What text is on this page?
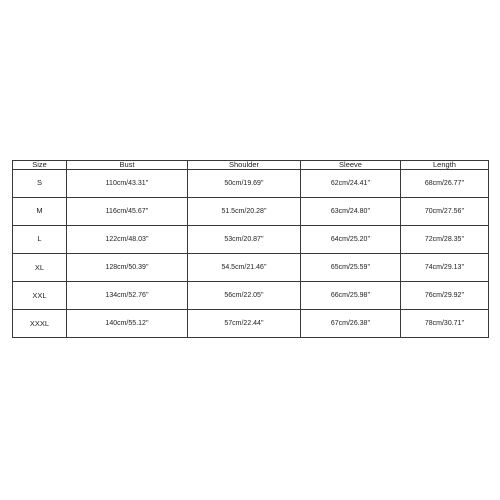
Size	Bust	Shoulder	Sleeve	Length
S	110cm/43.31''	50cm/19.69''	62cm/24.41''	68cm/26.77''
M	116cm/45.67''	51.5cm/20.28''	63cm/24.80''	70cm/27.56''
L	122cm/48.03''	53cm/20.87''	64cm/25.20''	72cm/28.35''
XL	128cm/50.39''	54.5cm/21.46''	65cm/25.59''	74cm/29.13''
XXL	134cm/52.76''	56cm/22.05''	66cm/25.98''	76cm/29.92''
XXXL	140cm/55.12''	57cm/22.44''	67cm/26.38''	78cm/30.71''
